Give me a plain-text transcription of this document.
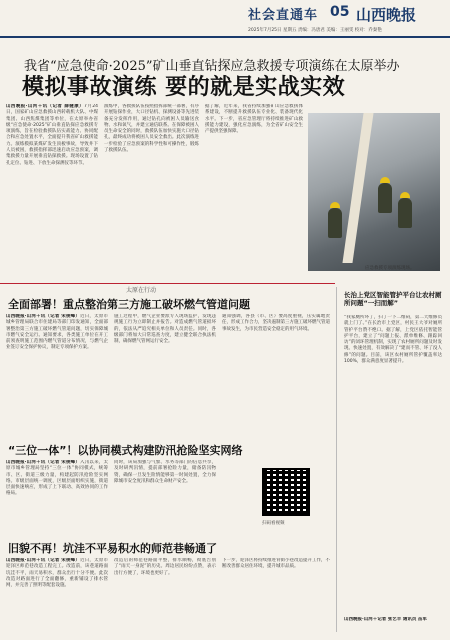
社会直通车 05 山西晚报
2025年7月25日 星期五 责编：冯唐君 美编：王丽雯 校对：乔秦艳
我省“应急使命·2025”矿山垂直钻探应急救援专项演练在太原举办
模拟事故演练 要的就是实战实效
山西晚报·山河＋讯（记者 薛健康）7月24日，国家矿山应急救援山西转载机大队、中煤集团、山西焦煤集团等单位，在太原举办省级“应急使命·2025”矿山垂直钻探应急救援专项演练，旨在检验救援队伍实战能力、协同配合和应急处置水平，全面提升我省矿山救援能力。演练模拟某煤矿发生顶板事故，导致井下人员被困，救援指挥部迅速启动应急预案，调集救援力量开展垂直钻探救援。现场设置了钻孔定位、钻进、下放生命探测仪等环节。
演练中，各救援队伍按照指挥部统一部署，有序开展钻探作业，大口径钻机、探测设备等先进装备充分发挥作用，通过钻孔向被困人员输送食物、水和氧气，并建立通信联系。在保障被困人员生命安全的同时，救援队伍加快实施大口径钻孔，最终成功将被困人员安全救出。此次演练进一步检验了应急预案的科学性和可操作性，锻炼了救援队伍。
据了解，近年来，我省持续加强矿山应急救援体系建设，不断提升救援队伍专业化、装备现代化水平。下一步，省应急管理厅将持续推进矿山救援能力建设，强化应急演练，为全省矿山安全生产提供坚强保障。
应急救援专项演练现场。
太原在行动
全面部署！重点整治第三方施工破坏燃气管道问题
山西晚报·山河＋讯（记者 宋俊峰）近日，太原市城乡管理局联合市住建局等部门印发通知，全面部署整治第三方施工破坏燃气管道问题，切实保障城市燃气安全运行。通知要求，各类施工单位在开工前须查明施工范围内燃气管道分布情况，与燃气企业签订安全保护协议，制定专项保护方案。
施工过程中，燃气企业要派专人现场监护，发现违规施工行为立即制止并报告。对造成燃气管道损坏的，依法从严追究相关单位和人员责任。同时，各级部门将加大日常巡查力度，建立健全联合执法机制，确保燃气管网运行安全。
通知强调，各县（市、区）要高度重视，压实属地责任，形成工作合力，坚决遏制第三方施工破坏燃气管道事故发生，为市民营造安全稳定的用气环境。
长治上党区智能管护平台让农村厕所问题“一扫而解”
“我家厕所坏了，扫了一下二维码，第二天维修员就上门了。”在长治市上党区，村民王大爷对厕所管护平台赞不绝口。据了解，上党区依托智能管护平台，建立了“问题上报、派单维修、跟踪回访”的闭环管理机制，实现了农村厕所问题及时发现、快速处置，有效解决了“建而不管、坏了没人修”的问题。目前，该区农村厕所管护覆盖率达100%，群众满意度显著提升。
山西晚报·山河＋记者 张艺丰 通讯员 苗军
“三位一体”！以协同模式构建防汛抢险坚实网络
山西晚报·山河＋讯（记者 宋俊峰）入汛以来，太原市城乡管理局坚持“三位一体”协同模式，统筹市、区、街道三级力量，构建起防汛抢险坚实网络。市级层面统一调度，区级层面组织实施，街道层面快速响应，形成了上下联动、高效协同的工作格局。
同时，该局加强与气象、水务等部门的信息共享，及时研判汛情，提前部署抢险力量，储备防汛物资，确保一旦发生险情能够第一时间处置，全力保障城市安全度汛和群众生命财产安全。
扫码看视频
旧貌不再！坑洼不平易积水的师范巷畅通了
山西晚报·山河＋讯（记者 宋俊峰）近日，太原市迎泽区师范巷改造工程完工。改造前，该巷道路面坑洼不平，雨天易积水，群众出行十分不便。此次改造对路面进行了全面翻修，重新铺设了排水管网，并完善了照明等配套设施。
改造后的师范巷路面平整，排水顺畅，彻底告别了“雨天一身泥”的历史。周边居民纷纷点赞，表示出行方便了，环境也更好了。
下一步，迎泽区将持续推进背街小巷改造提升工作，不断改善群众居住环境，提升城市品质。
